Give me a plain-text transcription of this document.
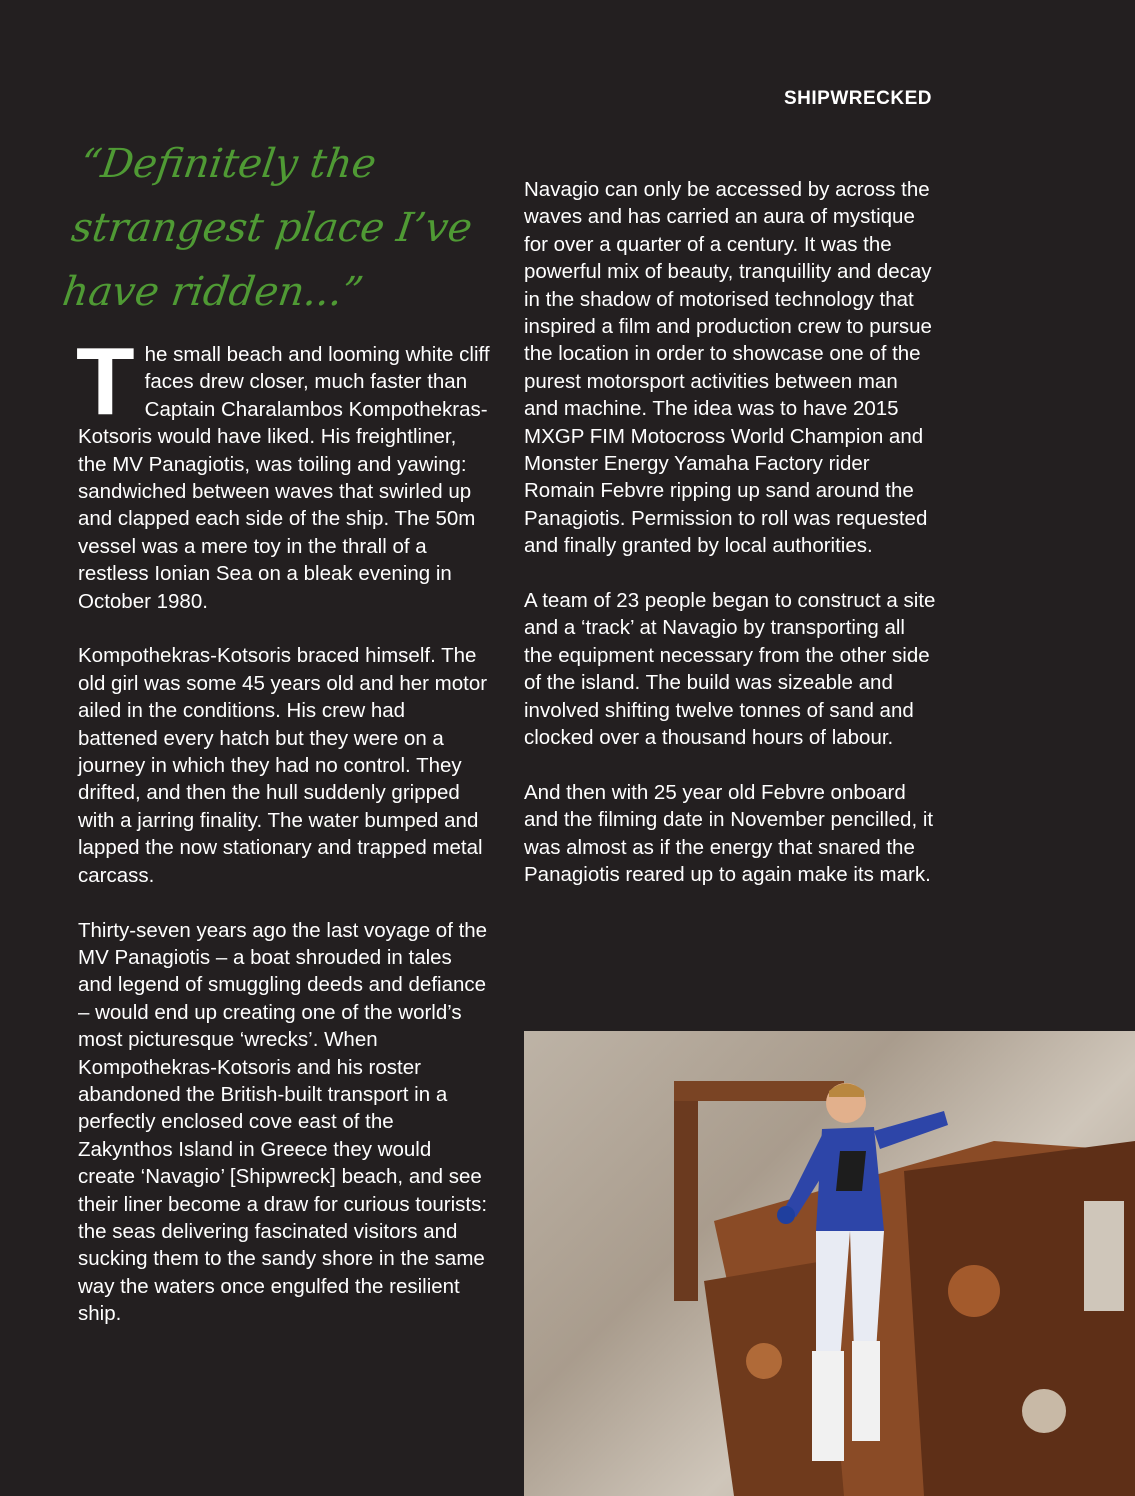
SHIPWRECKED
“Definitely the strangest place I’ve have ridden...”

The small beach and looming white cliff faces drew closer, much faster than Captain Charalambos Kompothekras-Kotsoris would have liked. His freightliner, the MV Panagiotis, was toiling and yawing: sandwiched between waves that swirled up and clapped each side of the ship. The 50m vessel was a mere toy in the thrall of a restless Ionian Sea on a bleak evening in October 1980.

Kompothekras-Kotsoris braced himself. The old girl was some 45 years old and her motor ailed in the conditions. His crew had battened every hatch but they were on a journey in which they had no control. They drifted, and then the hull suddenly gripped with a jarring finality. The water bumped and lapped the now stationary and trapped metal carcass.

Thirty-seven years ago the last voyage of the MV Panagiotis – a boat shrouded in tales and legend of smuggling deeds and defiance – would end up creating one of the world’s most picturesque ‘wrecks’. When Kompothekras-Kotsoris and his roster abandoned the British-built transport in a perfectly enclosed cove east of the Zakynthos Island in Greece they would create ‘Navagio’ [Shipwreck] beach, and see their liner become a draw for curious tourists: the seas delivering fascinated visitors and sucking them to the sandy shore in the same way the waters once engulfed the resilient ship.

Navagio can only be accessed by across the waves and has carried an aura of mystique for over a quarter of a century. It was the powerful mix of beauty, tranquillity and decay in the shadow of motorised technology that inspired a film and production crew to pursue the location in order to showcase one of the purest motorsport activities between man and machine. The idea was to have 2015 MXGP FIM Motocross World Champion and Monster Energy Yamaha Factory rider Romain Febvre ripping up sand around the Panagiotis. Permission to roll was requested and finally granted by local authorities.

A team of 23 people began to construct a site and a ‘track’ at Navagio by transporting all the equipment necessary from the other side of the island. The build was sizeable and involved shifting twelve tonnes of sand and clocked over a thousand hours of labour.

And then with 25 year old Febvre onboard and the filming date in November pencilled, it was almost as if the energy that snared the Panagiotis reared up to again make its mark.
